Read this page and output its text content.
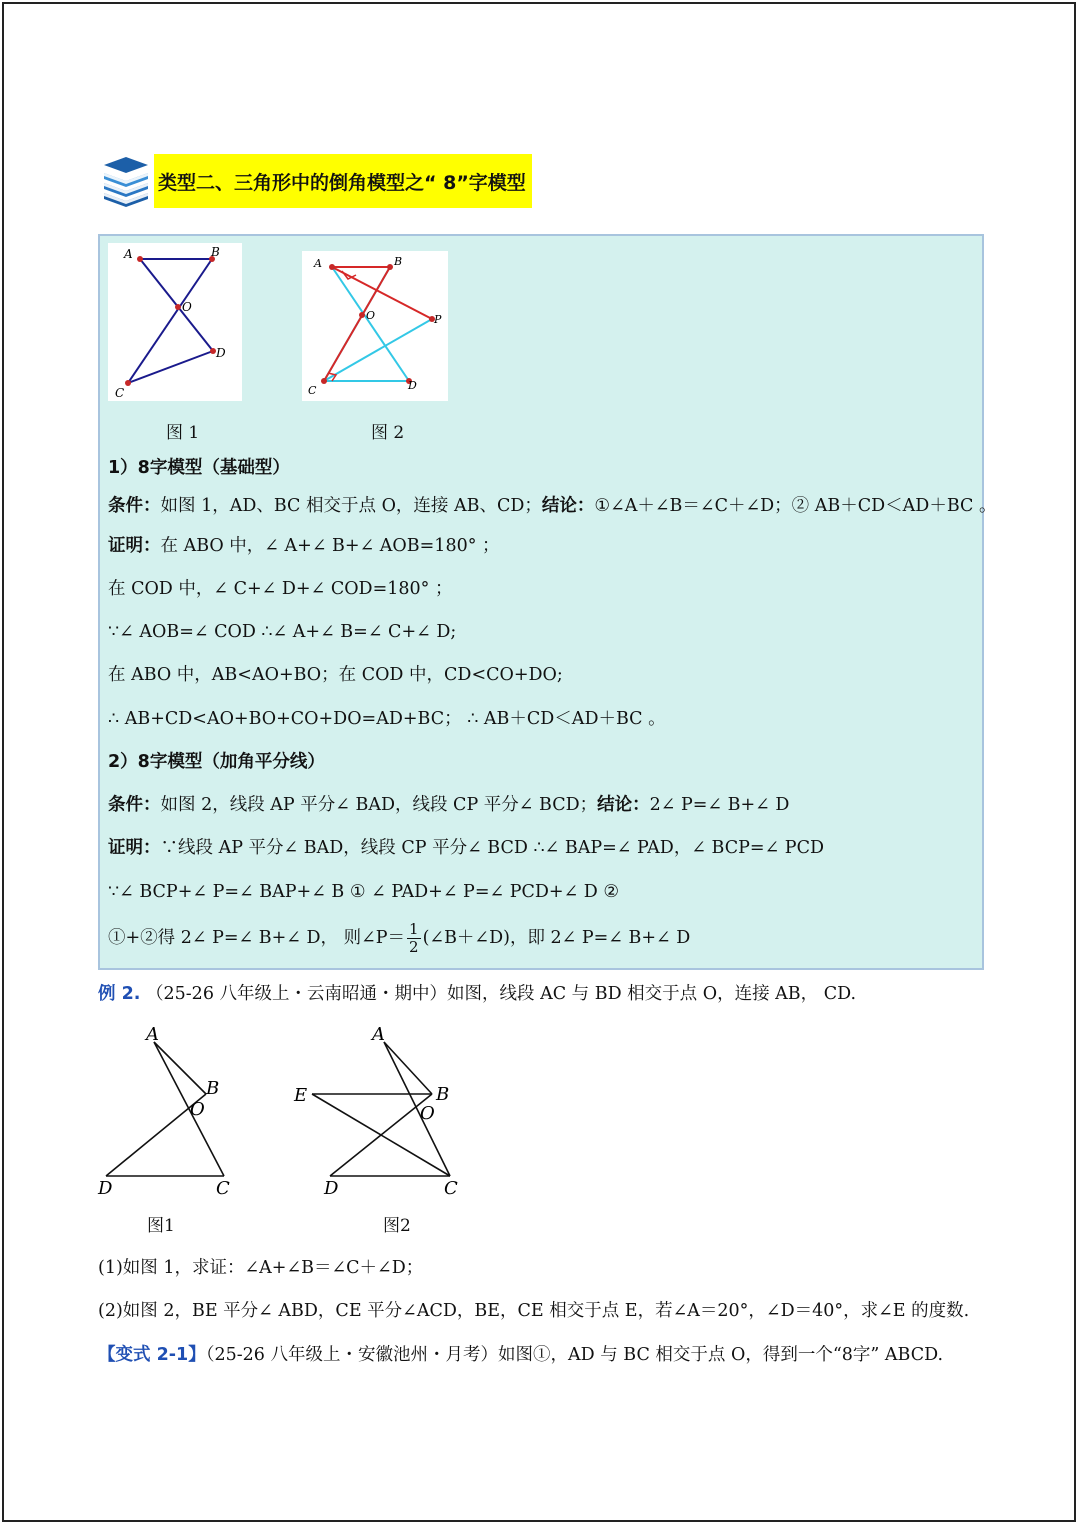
类型二、三角形中的倒角模型之“ 8”字模型
A	B
O
D
C
A	B
O	P
C	D
图 1	图 2
1）8字模型（基础型）
条件：如图 1，AD、BC 相交于点 O，连接 AB、CD；结论：①∠A＋∠B＝∠C＋∠D；② AB＋CD＜AD＋BC 。
证明：在 ABO 中，∠ A+∠ B+∠ AOB=180° ；
在 COD 中，∠ C+∠ D+∠ COD=180° ；
∵∠ AOB=∠ COD ∴∠ A+∠ B=∠ C+∠ D;
在 ABO 中，AB<AO+BO；在 COD 中，CD<CO+DO;
∴ AB+CD<AO+BO+CO+DO=AD+BC； ∴ AB＋CD＜AD＋BC 。
2）8字模型（加角平分线）
条件：如图 2，线段 AP 平分∠ BAD，线段 CP 平分∠ BCD；结论：2∠ P=∠ B+∠ D
证明：∵线段 AP 平分∠ BAD，线段 CP 平分∠ BCD ∴∠ BAP=∠ PAD，∠ BCP=∠ PCD
∵∠ BCP+∠ P=∠ BAP+∠ B ① ∠ PAD+∠ P=∠ PCD+∠ D ②
①+②得 2∠ P=∠ B+∠ D， 则∠P＝ $\frac{1}{2}$ (∠B＋∠D)，即 2∠ P=∠ B+∠ D
例 2. （25-26 八年级上・云南昭通・期中）如图，线段 AC 与 BD 相交于点 O，连接 AB， CD.
A
B
O
D	C
A
B
O
E
D	C
图1	图2
(1)如图 1，求证：∠A+∠B＝∠C＋∠D；
(2)如图 2，BE 平分∠ ABD，CE 平分∠ACD，BE，CE 相交于点 E，若∠A＝20°，∠D＝40°，求∠E 的度数.
【变式 2-1】（25-26 八年级上・安徽池州・月考）如图①，AD 与 BC 相交于点 O，得到一个“8字” ABCD.
